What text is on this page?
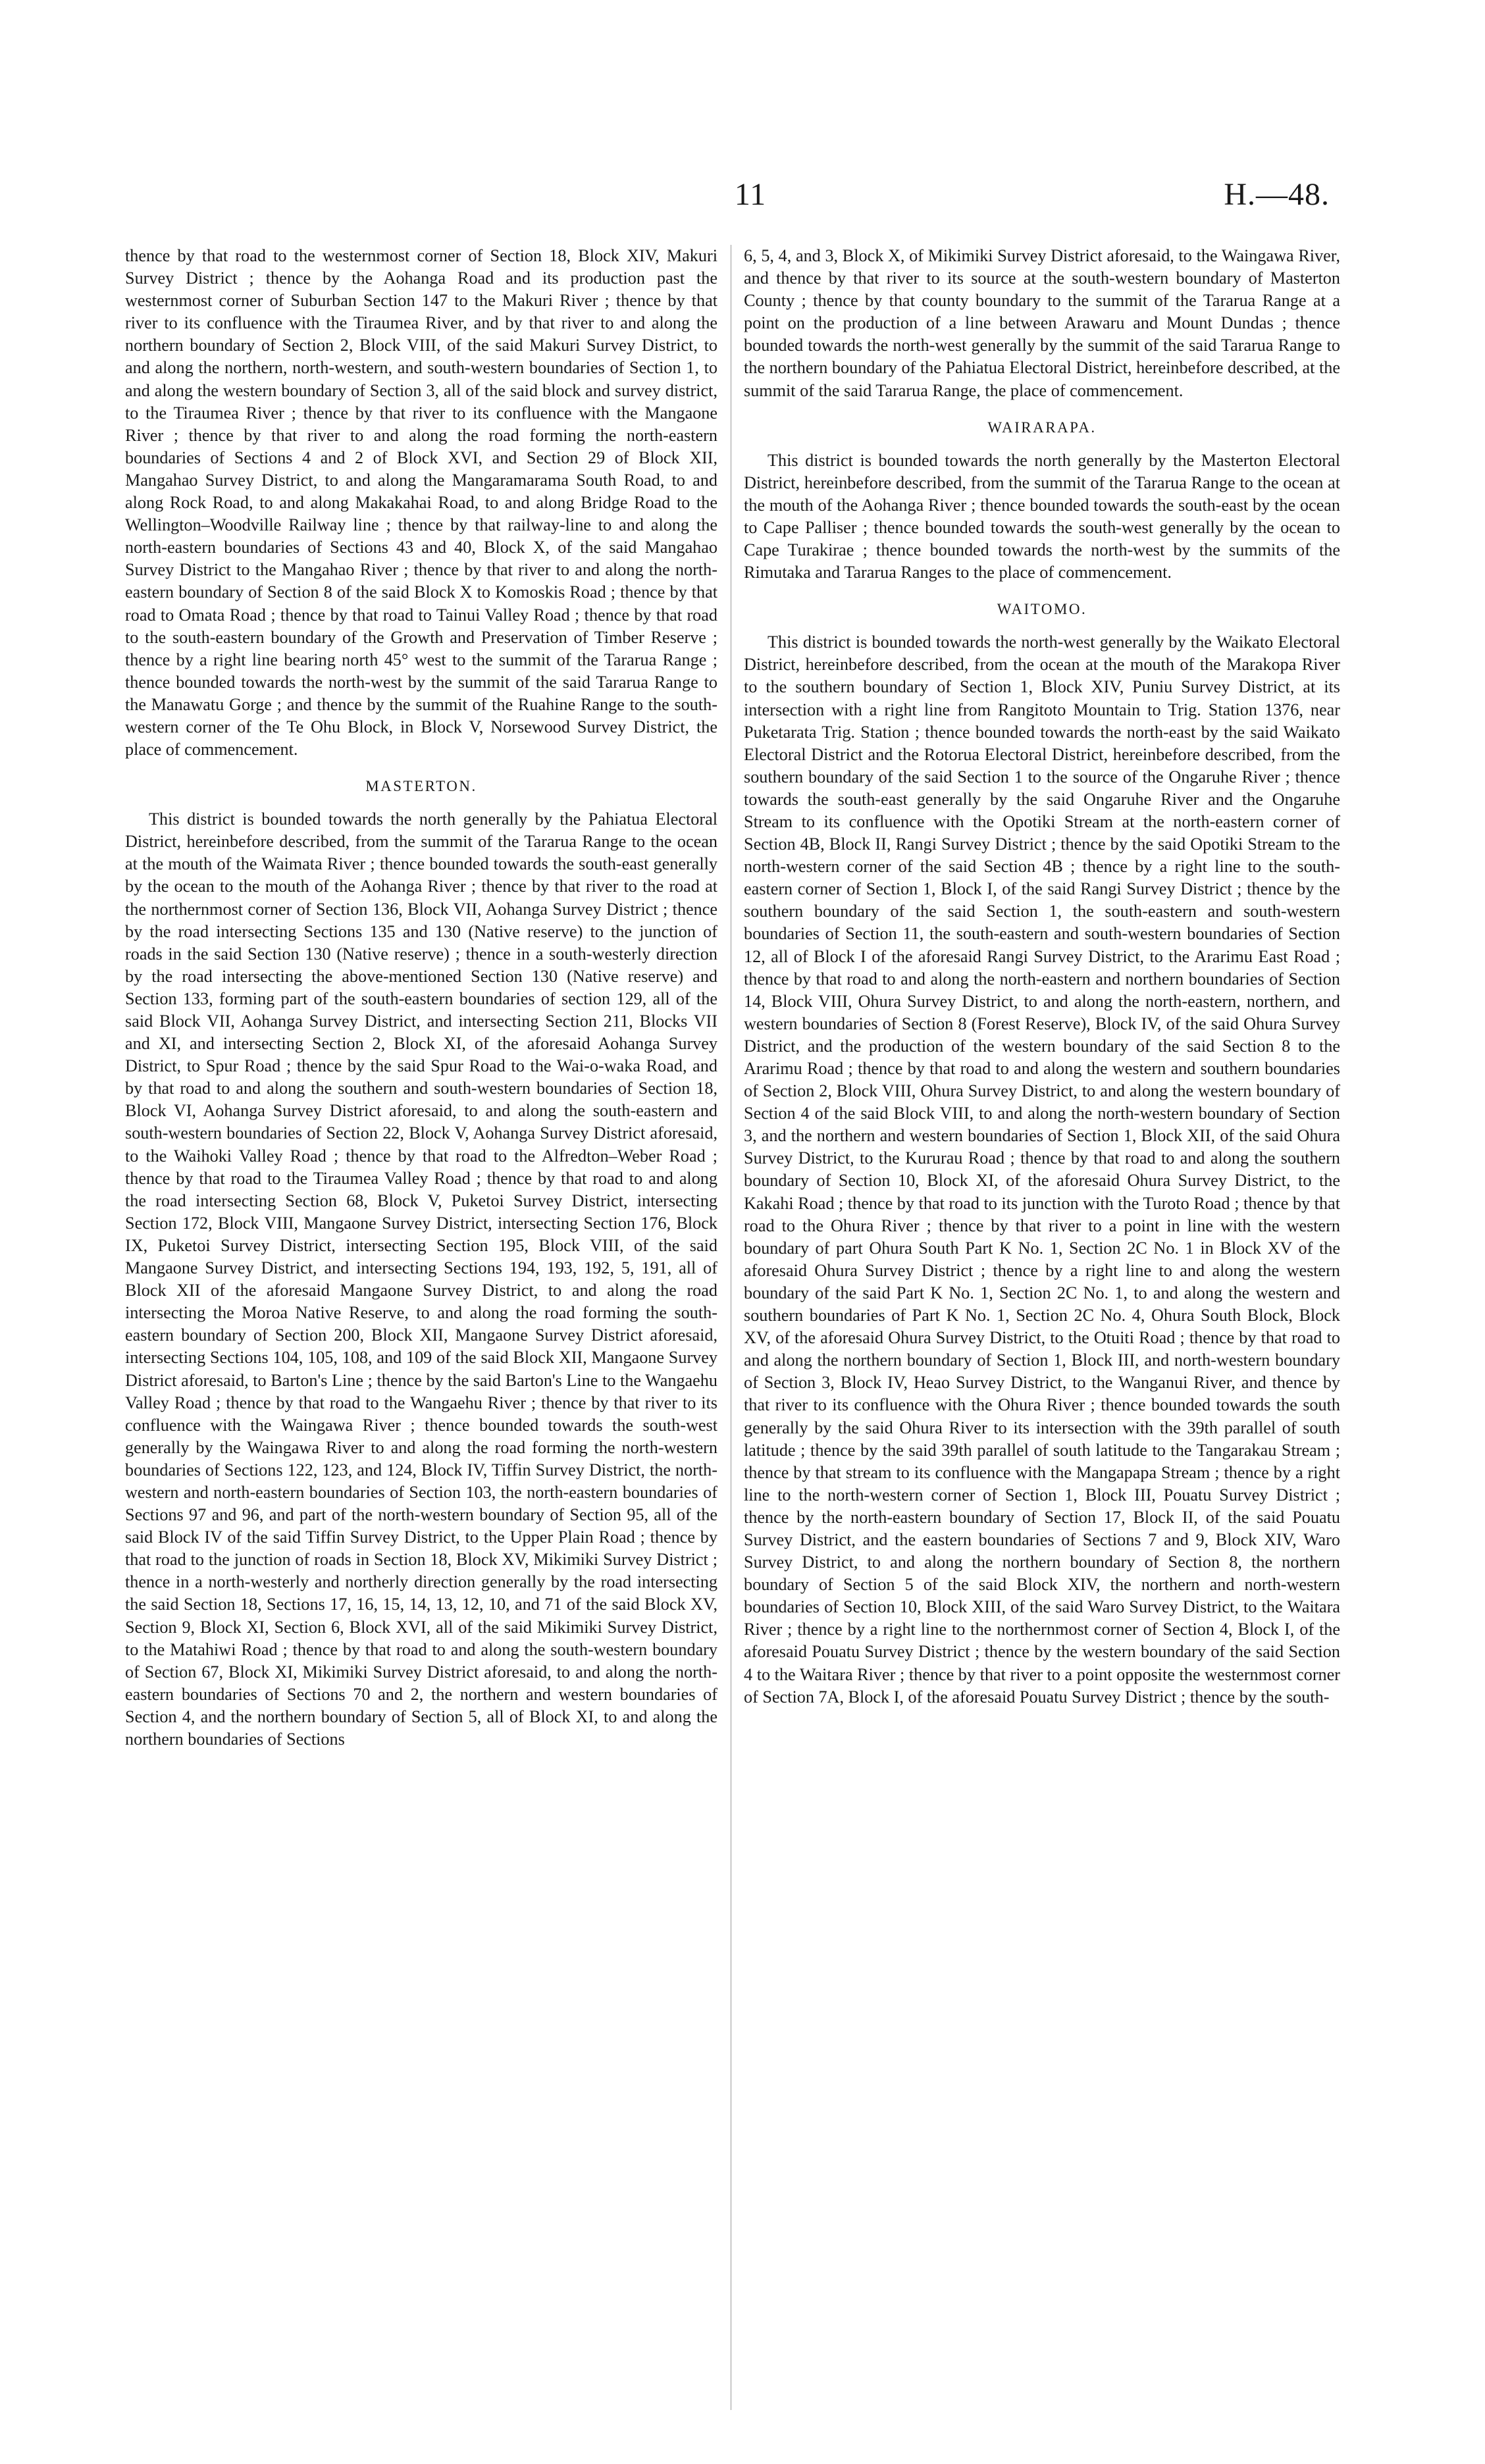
11	H.—48.

thence by that road to the westernmost corner of Section 18, Block XIV, Makuri Survey District ; thence by the Aohanga Road and its production past the westernmost corner of Suburban Section 147 to the Makuri River ; thence by that river to its confluence with the Tiraumea River, and by that river to and along the northern boundary of Section 2, Block VIII, of the said Makuri Survey District, to and along the northern, north-western, and south-western boundaries of Section 1, to and along the western boundary of Section 3, all of the said block and survey district, to the Tiraumea River ; thence by that river to its confluence with the Mangaone River ; thence by that river to and along the road forming the north-eastern boundaries of Sections 4 and 2 of Block XVI, and Section 29 of Block XII, Mangahao Survey District, to and along the Mangaramarama South Road, to and along Rock Road, to and along Makakahai Road, to and along Bridge Road to the Wellington–Woodville Railway line ; thence by that railway-line to and along the north-eastern boundaries of Sections 43 and 40, Block X, of the said Mangahao Survey District to the Mangahao River ; thence by that river to and along the north-eastern boundary of Section 8 of the said Block X to Komoskis Road ; thence by that road to Omata Road ; thence by that road to Tainui Valley Road ; thence by that road to the south-eastern boundary of the Growth and Preservation of Timber Reserve ; thence by a right line bearing north 45° west to the summit of the Tararua Range ; thence bounded towards the north-west by the summit of the said Tararua Range to the Manawatu Gorge ; and thence by the summit of the Ruahine Range to the south-western corner of the Te Ohu Block, in Block V, Norsewood Survey District, the place of commencement.

MASTERTON.

This district is bounded towards the north generally by the Pahiatua Electoral District, hereinbefore described, from the summit of the Tararua Range to the ocean at the mouth of the Waimata River ; thence bounded towards the south-east generally by the ocean to the mouth of the Aohanga River ; thence by that river to the road at the northernmost corner of Section 136, Block VII, Aohanga Survey District ; thence by the road intersecting Sections 135 and 130 (Native reserve) to the junction of roads in the said Section 130 (Native reserve) ; thence in a south-westerly direction by the road intersecting the above-mentioned Section 130 (Native reserve) and Section 133, forming part of the south-eastern boundaries of section 129, all of the said Block VII, Aohanga Survey District, and intersecting Section 211, Blocks VII and XI, and intersecting Section 2, Block XI, of the aforesaid Aohanga Survey District, to Spur Road ; thence by the said Spur Road to the Wai-o-waka Road, and by that road to and along the southern and south-western boundaries of Section 18, Block VI, Aohanga Survey District aforesaid, to and along the south-eastern and south-western boundaries of Section 22, Block V, Aohanga Survey District aforesaid, to the Waihoki Valley Road ; thence by that road to the Alfredton–Weber Road ; thence by that road to the Tiraumea Valley Road ; thence by that road to and along the road intersecting Section 68, Block V, Puketoi Survey District, intersecting Section 172, Block VIII, Mangaone Survey District, intersecting Section 176, Block IX, Puketoi Survey District, intersecting Section 195, Block VIII, of the said Mangaone Survey District, and intersecting Sections 194, 193, 192, 5, 191, all of Block XII of the aforesaid Mangaone Survey District, to and along the road intersecting the Moroa Native Reserve, to and along the road forming the south-eastern boundary of Section 200, Block XII, Mangaone Survey District aforesaid, intersecting Sections 104, 105, 108, and 109 of the said Block XII, Mangaone Survey District aforesaid, to Barton's Line ; thence by the said Barton's Line to the Wangaehu Valley Road ; thence by that road to the Wangaehu River ; thence by that river to its confluence with the Waingawa River ; thence bounded towards the south-west generally by the Waingawa River to and along the road forming the north-western boundaries of Sections 122, 123, and 124, Block IV, Tiffin Survey District, the north-western and north-eastern boundaries of Section 103, the north-eastern boundaries of Sections 97 and 96, and part of the north-western boundary of Section 95, all of the said Block IV of the said Tiffin Survey District, to the Upper Plain Road ; thence by that road to the junction of roads in Section 18, Block XV, Mikimiki Survey District ; thence in a north-westerly and northerly direction generally by the road intersecting the said Section 18, Sections 17, 16, 15, 14, 13, 12, 10, and 71 of the said Block XV, Section 9, Block XI, Section 6, Block XVI, all of the said Mikimiki Survey District, to the Matahiwi Road ; thence by that road to and along the south-western boundary of Section 67, Block XI, Mikimiki Survey District aforesaid, to and along the north-eastern boundaries of Sections 70 and 2, the northern and western boundaries of Section 4, and the northern boundary of Section 5, all of Block XI, to and along the northern boundaries of Sections

6, 5, 4, and 3, Block X, of Mikimiki Survey District aforesaid, to the Waingawa River, and thence by that river to its source at the south-western boundary of Masterton County ; thence by that county boundary to the summit of the Tararua Range at a point on the production of a line between Arawaru and Mount Dundas ; thence bounded towards the north-west generally by the summit of the said Tararua Range to the northern boundary of the Pahiatua Electoral District, hereinbefore described, at the summit of the said Tararua Range, the place of commencement.

WAIRARAPA.

This district is bounded towards the north generally by the Masterton Electoral District, hereinbefore described, from the summit of the Tararua Range to the ocean at the mouth of the Aohanga River ; thence bounded towards the south-east by the ocean to Cape Palliser ; thence bounded towards the south-west generally by the ocean to Cape Turakirae ; thence bounded towards the north-west by the summits of the Rimutaka and Tararua Ranges to the place of commencement.

WAITOMO.

This district is bounded towards the north-west generally by the Waikato Electoral District, hereinbefore described, from the ocean at the mouth of the Marakopa River to the southern boundary of Section 1, Block XIV, Puniu Survey District, at its intersection with a right line from Rangitoto Mountain to Trig. Station 1376, near Puketarata Trig. Station ; thence bounded towards the north-east by the said Waikato Electoral District and the Rotorua Electoral District, hereinbefore described, from the southern boundary of the said Section 1 to the source of the Ongaruhe River ; thence towards the south-east generally by the said Ongaruhe River and the Ongaruhe Stream to its confluence with the Opotiki Stream at the north-eastern corner of Section 4B, Block II, Rangi Survey District ; thence by the said Opotiki Stream to the north-western corner of the said Section 4B ; thence by a right line to the south-eastern corner of Section 1, Block I, of the said Rangi Survey District ; thence by the southern boundary of the said Section 1, the south-eastern and south-western boundaries of Section 11, the south-eastern and south-western boundaries of Section 12, all of Block I of the aforesaid Rangi Survey District, to the Ararimu East Road ; thence by that road to and along the north-eastern and northern boundaries of Section 14, Block VIII, Ohura Survey District, to and along the north-eastern, northern, and western boundaries of Section 8 (Forest Reserve), Block IV, of the said Ohura Survey District, and the production of the western boundary of the said Section 8 to the Ararimu Road ; thence by that road to and along the western and southern boundaries of Section 2, Block VIII, Ohura Survey District, to and along the western boundary of Section 4 of the said Block VIII, to and along the north-western boundary of Section 3, and the northern and western boundaries of Section 1, Block XII, of the said Ohura Survey District, to the Kururau Road ; thence by that road to and along the southern boundary of Section 10, Block XI, of the aforesaid Ohura Survey District, to the Kakahi Road ; thence by that road to its junction with the Turoto Road ; thence by that road to the Ohura River ; thence by that river to a point in line with the western boundary of part Ohura South Part K No. 1, Section 2C No. 1 in Block XV of the aforesaid Ohura Survey District ; thence by a right line to and along the western boundary of the said Part K No. 1, Section 2C No. 1, to and along the western and southern boundaries of Part K No. 1, Section 2C No. 4, Ohura South Block, Block XV, of the aforesaid Ohura Survey District, to the Otuiti Road ; thence by that road to and along the northern boundary of Section 1, Block III, and north-western boundary of Section 3, Block IV, Heao Survey District, to the Wanganui River, and thence by that river to its confluence with the Ohura River ; thence bounded towards the south generally by the said Ohura River to its intersection with the 39th parallel of south latitude ; thence by the said 39th parallel of south latitude to the Tangarakau Stream ; thence by that stream to its confluence with the Mangapapa Stream ; thence by a right line to the north-western corner of Section 1, Block III, Pouatu Survey District ; thence by the north-eastern boundary of Section 17, Block II, of the said Pouatu Survey District, and the eastern boundaries of Sections 7 and 9, Block XIV, Waro Survey District, to and along the northern boundary of Section 8, the northern boundary of Section 5 of the said Block XIV, the northern and north-western boundaries of Section 10, Block XIII, of the said Waro Survey District, to the Waitara River ; thence by a right line to the northernmost corner of Section 4, Block I, of the aforesaid Pouatu Survey District ; thence by the western boundary of the said Section 4 to the Waitara River ; thence by that river to a point opposite the westernmost corner of Section 7A, Block I, of the aforesaid Pouatu Survey District ; thence by the south-
